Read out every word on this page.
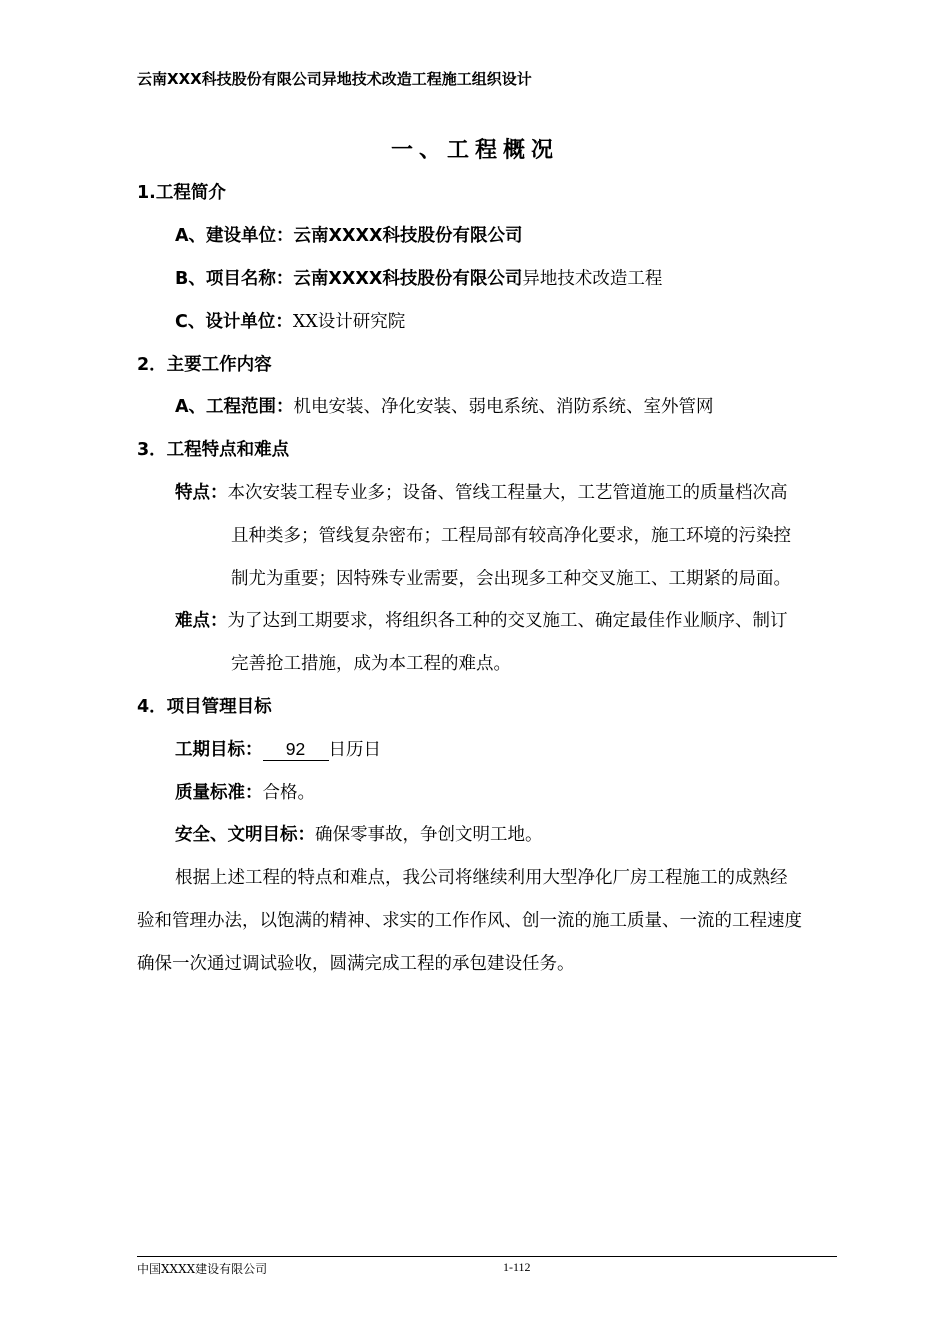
云南XXX科技股份有限公司异地技术改造工程施工组织设计
一、工程概况
1.工程简介
A、建设单位：云南XXXX科技股份有限公司
B、项目名称：云南XXXX科技股份有限公司异地技术改造工程
C、设计单位：XX设计研究院
2．主要工作内容
A、工程范围：机电安装、净化安装、弱电系统、消防系统、室外管网
3．工程特点和难点
特点：本次安装工程专业多；设备、管线工程量大，工艺管道施工的质量档次高
且种类多；管线复杂密布；工程局部有较高净化要求，施工环境的污染控
制尤为重要；因特殊专业需要，会出现多工种交叉施工、工期紧的局面。
难点：为了达到工期要求，将组织各工种的交叉施工、确定最佳作业顺序、制订
完善抢工措施，成为本工程的难点。
4．项目管理目标
工期目标： 92 日历日
质量标准：合格。
安全、文明目标：确保零事故，争创文明工地。
根据上述工程的特点和难点，我公司将继续利用大型净化厂房工程施工的成熟经
验和管理办法，以饱满的精神、求实的工作作风、创一流的施工质量、一流的工程速度
确保一次通过调试验收，圆满完成工程的承包建设任务。
中国XXXX建设有限公司	1-112
